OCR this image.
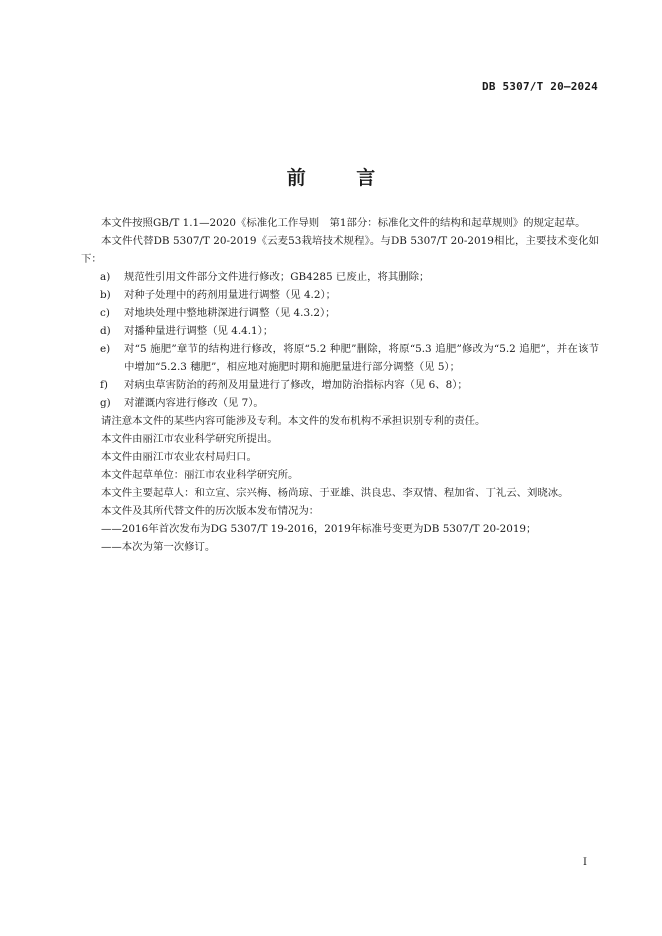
DB 5307/T 20—2024
前 言

本文件按照GB/T 1.1—2020《标准化工作导则　第1部分：标准化文件的结构和起草规则》的规定起草。

本文件代替DB 5307/T 20-2019《云麦53栽培技术规程》。与DB 5307/T 20-2019相比，主要技术变化如下：

a) 规范性引用文件部分文件进行修改；GB4285 已废止，将其删除；

b) 对种子处理中的药剂用量进行调整（见 4.2）；

c) 对地块处理中整地耕深进行调整（见 4.3.2）；

d) 对播种量进行调整（见 4.4.1）；

e) 对“5 施肥”章节的结构进行修改，将原“5.2 种肥”删除，将原“5.3 追肥”修改为“5.2 追肥”，并在该节中增加“5.2.3 穗肥”，相应地对施肥时期和施肥量进行部分调整（见 5）；

f) 对病虫草害防治的药剂及用量进行了修改，增加防治指标内容（见 6、8）；

g) 对灌溉内容进行修改（见 7）。

请注意本文件的某些内容可能涉及专利。本文件的发布机构不承担识别专利的责任。

本文件由丽江市农业科学研究所提出。

本文件由丽江市农业农村局归口。

本文件起草单位：丽江市农业科学研究所。

本文件主要起草人：和立宣、宗兴梅、杨尚琼、于亚雄、洪良忠、李双情、程加省、丁礼云、刘晓冰。

本文件及其所代替文件的历次版本发布情况为：

——2016年首次发布为DG 5307/T 19-2016，2019年标准号变更为DB 5307/T 20-2019；

——本次为第一次修订。

I
